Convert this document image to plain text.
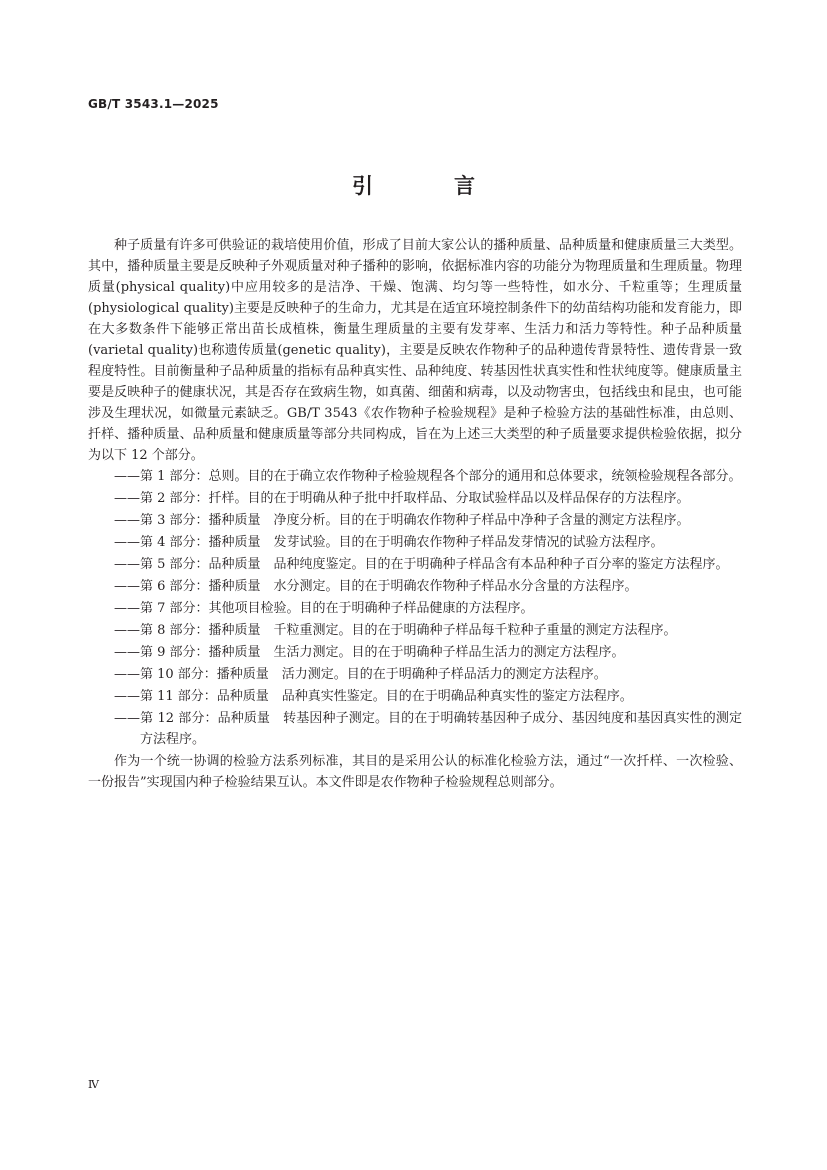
GB/T 3543.1—2025
引　言

种子质量有许多可供验证的栽培使用价值，形成了目前大家公认的播种质量、品种质量和健康质量三大类型。其中，播种质量主要是反映种子外观质量对种子播种的影响，依据标准内容的功能分为物理质量和生理质量。物理质量(physical quality)中应用较多的是洁净、干燥、饱满、均匀等一些特性，如水分、千粒重等；生理质量(physiological quality)主要是反映种子的生命力，尤其是在适宜环境控制条件下的幼苗结构功能和发育能力，即在大多数条件下能够正常出苗长成植株，衡量生理质量的主要有发芽率、生活力和活力等特性。种子品种质量(varietal quality)也称遗传质量(genetic quality)，主要是反映农作物种子的品种遗传背景特性、遗传背景一致程度特性。目前衡量种子品种质量的指标有品种真实性、品种纯度、转基因性状真实性和性状纯度等。健康质量主要是反映种子的健康状况，其是否存在致病生物，如真菌、细菌和病毒，以及动物害虫，包括线虫和昆虫，也可能涉及生理状况，如微量元素缺乏。GB/T 3543《农作物种子检验规程》是种子检验方法的基础性标准，由总则、扦样、播种质量、品种质量和健康质量等部分共同构成，旨在为上述三大类型的种子质量要求提供检验依据，拟分为以下 12 个部分。

——第 1 部分：总则。目的在于确立农作物种子检验规程各个部分的通用和总体要求，统领检验规程各部分。
——第 2 部分：扦样。目的在于明确从种子批中扦取样品、分取试验样品以及样品保存的方法程序。
——第 3 部分：播种质量　净度分析。目的在于明确农作物种子样品中净种子含量的测定方法程序。
——第 4 部分：播种质量　发芽试验。目的在于明确农作物种子样品发芽情况的试验方法程序。
——第 5 部分：品种质量　品种纯度鉴定。目的在于明确种子样品含有本品种种子百分率的鉴定方法程序。
——第 6 部分：播种质量　水分测定。目的在于明确农作物种子样品水分含量的方法程序。
——第 7 部分：其他项目检验。目的在于明确种子样品健康的方法程序。
——第 8 部分：播种质量　千粒重测定。目的在于明确种子样品每千粒种子重量的测定方法程序。
——第 9 部分：播种质量　生活力测定。目的在于明确种子样品生活力的测定方法程序。
——第 10 部分：播种质量　活力测定。目的在于明确种子样品活力的测定方法程序。
——第 11 部分：品种质量　品种真实性鉴定。目的在于明确品种真实性的鉴定方法程序。
——第 12 部分：品种质量　转基因种子测定。目的在于明确转基因种子成分、基因纯度和基因真实性的测定方法程序。

作为一个统一协调的检验方法系列标准，其目的是采用公认的标准化检验方法，通过“一次扦样、一次检验、一份报告”实现国内种子检验结果互认。本文件即是农作物种子检验规程总则部分。

Ⅳ
